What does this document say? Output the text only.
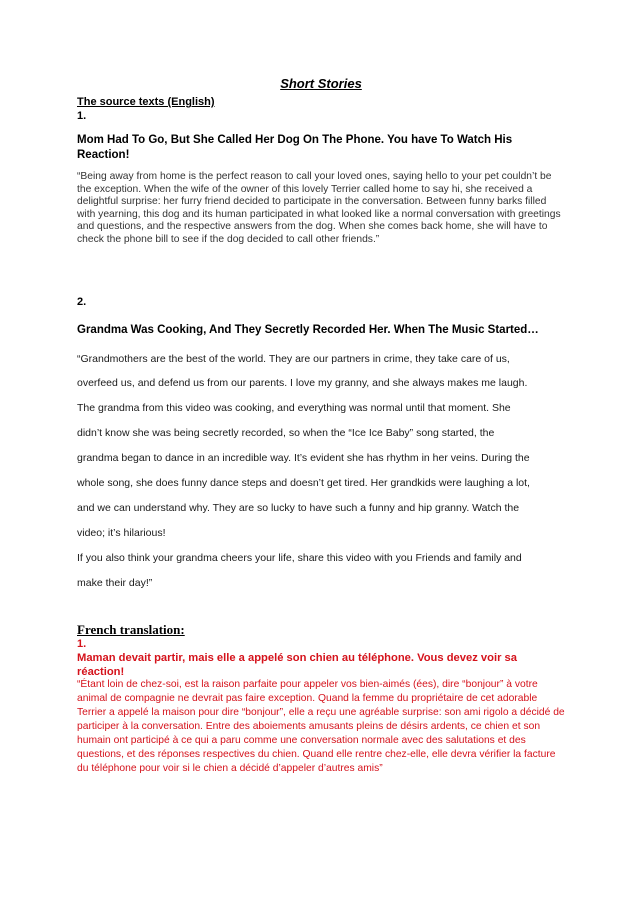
Short Stories
The source texts (English)
1.
Mom Had To Go, But She Called Her Dog On The Phone. You have To Watch His Reaction!
“Being away from home is the perfect reason to call your loved ones, saying hello to your pet couldn’t be the exception. When the wife of the owner of this lovely Terrier called home to say hi, she received a delightful surprise: her furry friend decided to participate in the conversation. Between funny barks filled with yearning, this dog and its human participated in what looked like a normal conversation with greetings and questions, and the respective answers from the dog. When she comes back home, she will have to check the phone bill to see if the dog decided to call other friends.”
2.
Grandma Was Cooking, And They Secretly Recorded Her. When The Music Started…
“Grandmothers are the best of the world. They are our partners in crime, they take care of us,
overfeed us, and defend us from our parents. I love my granny, and she always makes me laugh.
The grandma from this video was cooking, and everything was normal until that moment. She
didn’t know she was being secretly recorded, so when the “Ice Ice Baby” song started, the
grandma began to dance in an incredible way. It’s evident she has rhythm in her veins. During the
whole song, she does funny dance steps and doesn’t get tired. Her grandkids were laughing a lot,
and we can understand why. They are so lucky to have such a funny and hip granny. Watch the
video; it’s hilarious!
If you also think your grandma cheers your life, share this video with you Friends and family and
make their day!”
French translation:
1.
Maman devait partir, mais elle a appelé son chien au téléphone. Vous devez voir sa réaction!
“Étant loin de chez-soi, est la raison parfaite pour appeler vos bien-aimés (ées), dire “bonjour” à votre animal de compagnie ne devrait pas faire exception. Quand la femme du propriétaire de cet adorable Terrier a appelé la maison pour dire “bonjour”, elle a reçu une agréable surprise: son ami rigolo a décidé de participer à la conversation. Entre des aboiements amusants pleins de désirs ardents, ce chien et son humain ont participé à ce qui a paru comme une conversation normale avec des salutations et des questions, et des réponses respectives du chien. Quand elle rentre chez-elle, elle devra vérifier la facture du téléphone pour voir si le chien a décidé d’appeler d’autres amis”
